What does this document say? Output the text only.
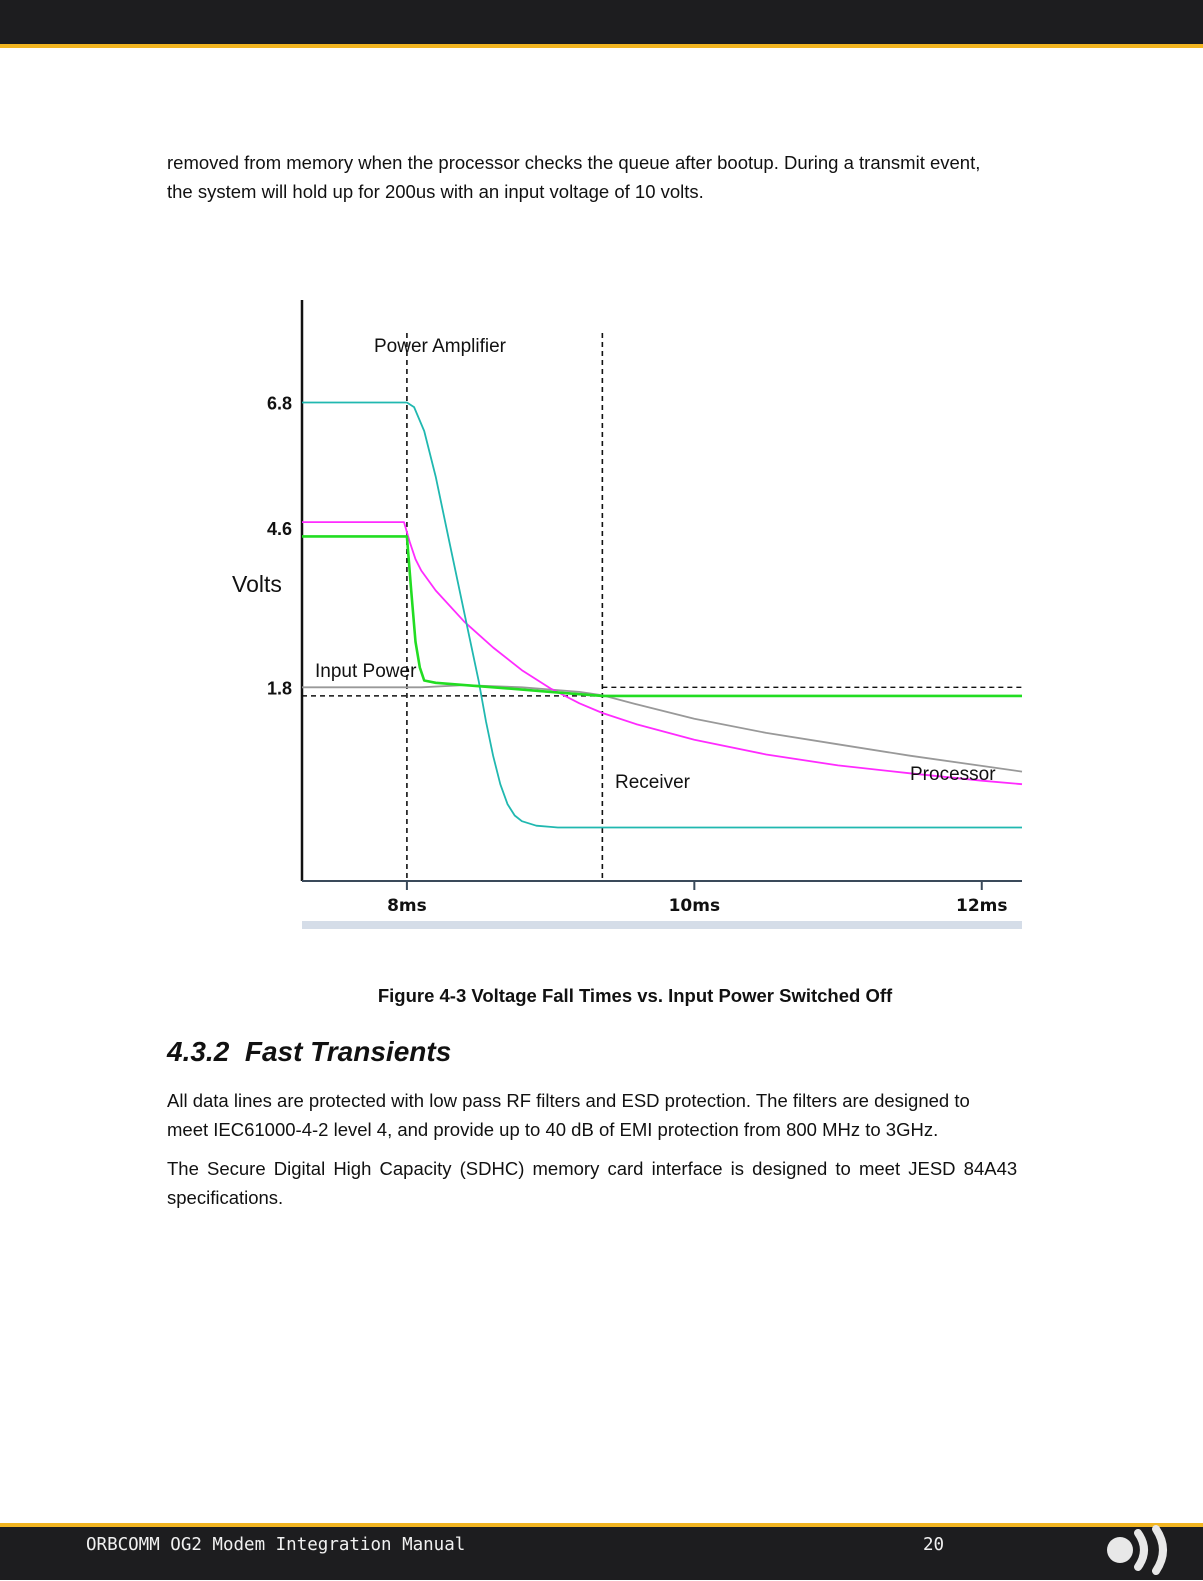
removed from memory when the processor checks the queue after bootup. During a transmit event,
the system will hold up for 200us with an input voltage of 10 volts.
8ms	10ms	12ms
6.8
4.6
1.8
Volts
Power Amplifier
Receiver
Input Power
Processor
Figure 4-3 Voltage Fall Times vs. Input Power Switched Off
4.3.2  Fast Transients
All data lines are protected with low pass RF filters and ESD protection. The filters are designed to
meet IEC61000-4-2 level 4, and provide up to 40 dB of EMI protection from 800 MHz to 3GHz.
The Secure Digital High Capacity (SDHC) memory card interface is designed to meet JESD 84A43
specifications.
ORBCOMM OG2 Modem Integration Manual	20
